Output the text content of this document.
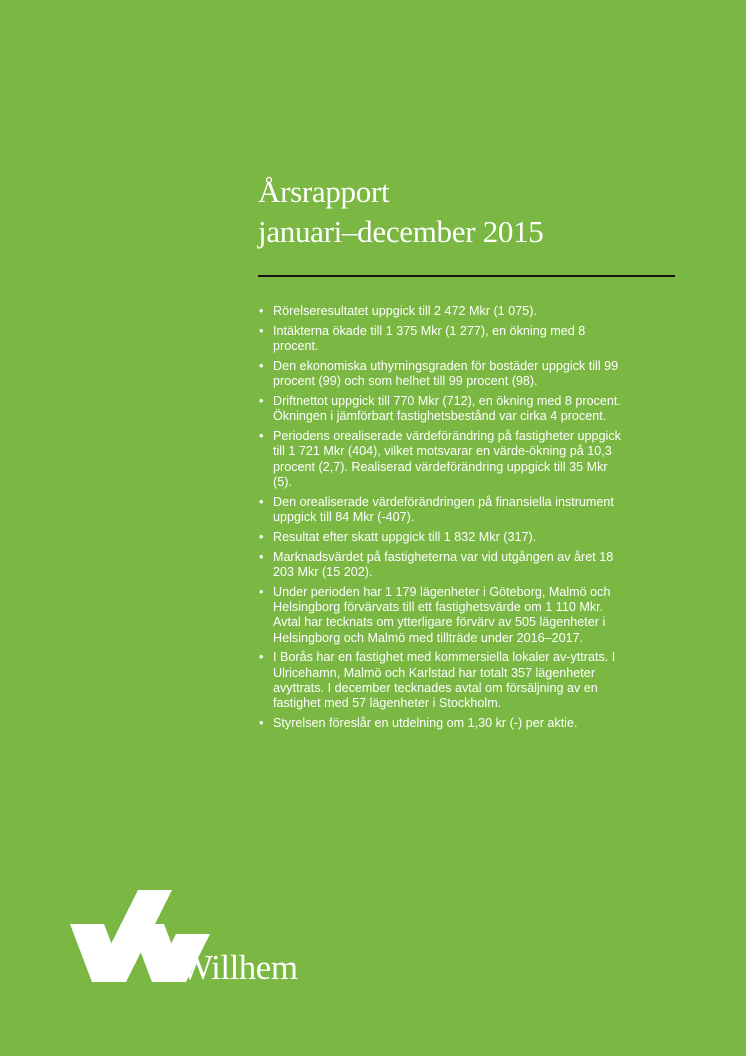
Årsrapport
januari–december 2015
• Rörelseresultatet uppgick till 2 472 Mkr (1 075).
• Intäkterna ökade till 1 375 Mkr (1 277), en ökning med 8 procent.
• Den ekonomiska uthyrningsgraden för bostäder uppgick till 99 procent (99) och som helhet till 99 procent (98).
• Driftnettot uppgick till 770 Mkr (712), en ökning med 8 procent. Ökningen i jämförbart fastighetsbestånd var cirka 4 procent.
• Periodens orealiserade värdeförändring på fastigheter uppgick till 1 721 Mkr (404), vilket motsvarar en värde-ökning på 10,3 procent (2,7). Realiserad värdeförändring uppgick till 35 Mkr (5).
• Den orealiserade värdeförändringen på finansiella instrument uppgick till 84 Mkr (-407).
• Resultat efter skatt uppgick till 1 832 Mkr (317).
• Marknadsvärdet på fastigheterna var vid utgången av året 18 203 Mkr (15 202).
• Under perioden har 1 179 lägenheter i Göteborg, Malmö och Helsingborg förvärvats till ett fastighetsvärde om 1 110 Mkr. Avtal har tecknats om ytterligare förvärv av 505 lägenheter i Helsingborg och Malmö med tillträde under 2016–2017.
• I Borås har en fastighet med kommersiella lokaler av-yttrats. I Ulricehamn, Malmö och Karlstad har totalt 357 lägenheter avyttrats. I december tecknades avtal om försäljning av en fastighet med 57 lägenheter i Stockholm.
• Styrelsen föreslår en utdelning om 1,30 kr (-) per aktie.
Willhem
